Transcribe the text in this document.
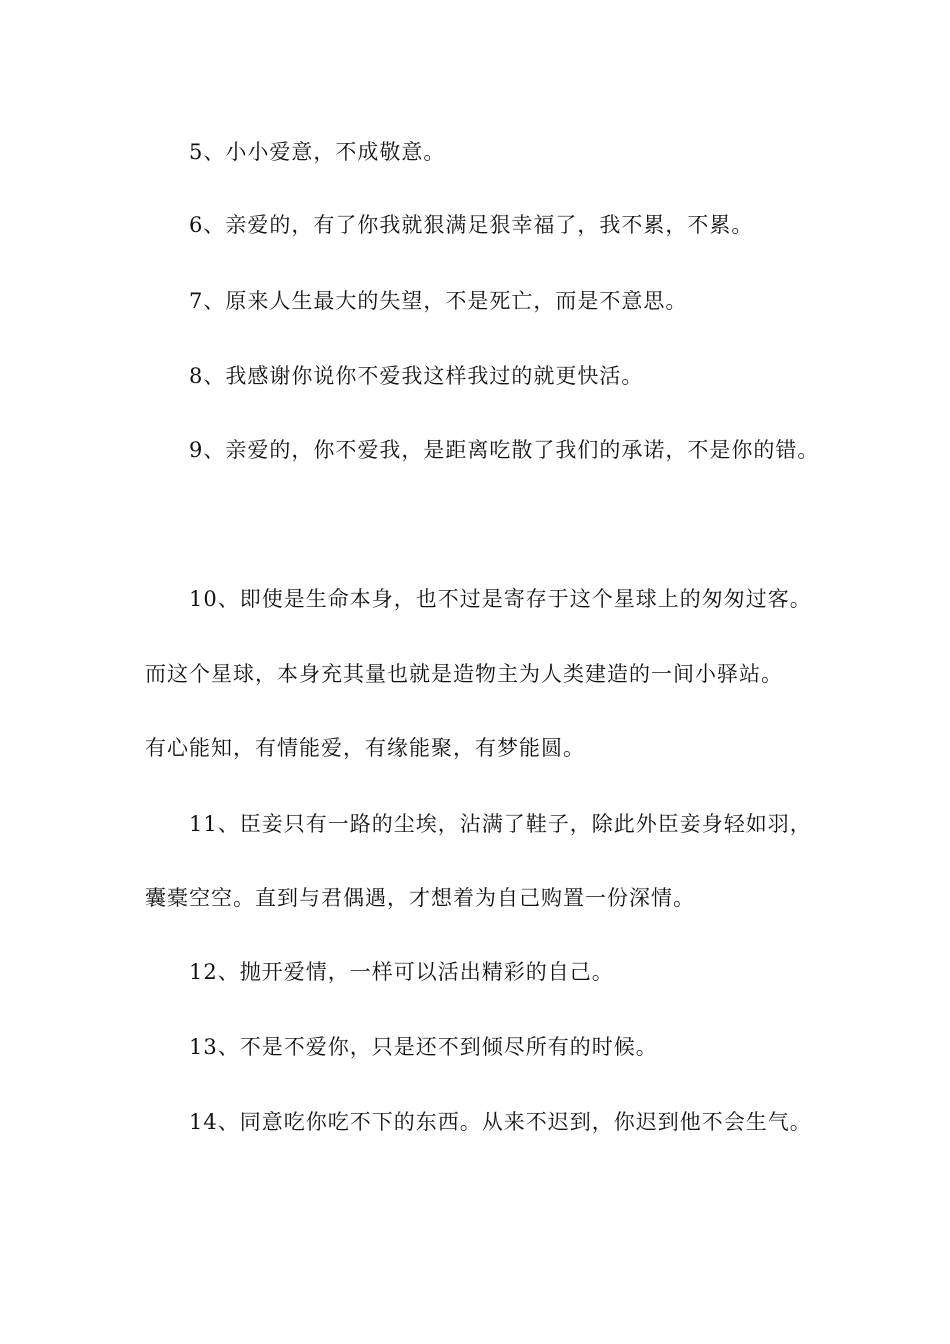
5、小小爱意，不成敬意。
6、亲爱的，有了你我就狠满足狠幸福了，我不累，不累。
7、原来人生最大的失望，不是死亡，而是不意思。
8、我感谢你说你不爱我这样我过的就更快活。
9、亲爱的，你不爱我，是距离吃散了我们的承诺，不是你的错。
10、即使是生命本身，也不过是寄存于这个星球上的匆匆过客。
而这个星球，本身充其量也就是造物主为人类建造的一间小驿站。
有心能知，有情能爱，有缘能聚，有梦能圆。
11、臣妾只有一路的尘埃，沾满了鞋子，除此外臣妾身轻如羽，
囊橐空空。直到与君偶遇，才想着为自己购置一份深情。
12、抛开爱情，一样可以活出精彩的自己。
13、不是不爱你，只是还不到倾尽所有的时候。
14、同意吃你吃不下的东西。从来不迟到，你迟到他不会生气。
